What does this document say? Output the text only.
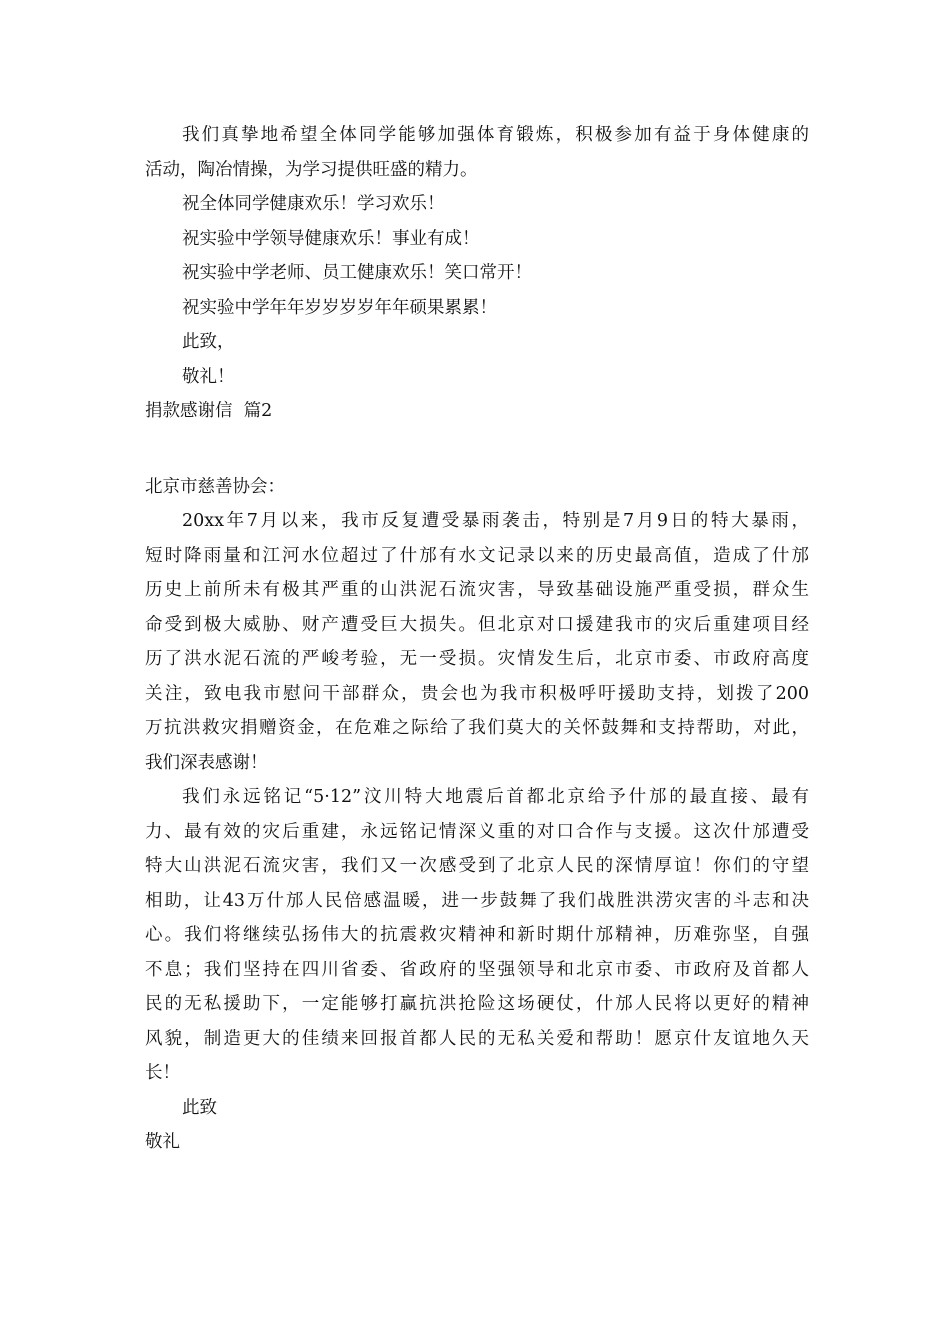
我们真挚地希望全体同学能够加强体育锻炼，积极参加有益于身体健康的
活动，陶冶情操，为学习提供旺盛的精力。
祝全体同学健康欢乐！学习欢乐！
祝实验中学领导健康欢乐！事业有成！
祝实验中学老师、员工健康欢乐！笑口常开！
祝实验中学年年岁岁岁岁年年硕果累累！
此致，
敬礼！
捐款感谢信  篇2
北京市慈善协会：
20xx年7月以来，我市反复遭受暴雨袭击，特别是7月9日的特大暴雨，
短时降雨量和江河水位超过了什邡有水文记录以来的历史最高值，造成了什邡
历史上前所未有极其严重的山洪泥石流灾害，导致基础设施严重受损，群众生
命受到极大威胁、财产遭受巨大损失。但北京对口援建我市的灾后重建项目经
历了洪水泥石流的严峻考验，无一受损。灾情发生后，北京市委、市政府高度
关注，致电我市慰问干部群众，贵会也为我市积极呼吁援助支持，划拨了200
万抗洪救灾捐赠资金，在危难之际给了我们莫大的关怀鼓舞和支持帮助，对此，
我们深表感谢！
我们永远铭记“5·12”汶川特大地震后首都北京给予什邡的最直接、最有
力、最有效的灾后重建，永远铭记情深义重的对口合作与支援。这次什邡遭受
特大山洪泥石流灾害，我们又一次感受到了北京人民的深情厚谊！你们的守望
相助，让43万什邡人民倍感温暖，进一步鼓舞了我们战胜洪涝灾害的斗志和决
心。我们将继续弘扬伟大的抗震救灾精神和新时期什邡精神，历难弥坚，自强
不息；我们坚持在四川省委、省政府的坚强领导和北京市委、市政府及首都人
民的无私援助下，一定能够打赢抗洪抢险这场硬仗，什邡人民将以更好的精神
风貌，制造更大的佳绩来回报首都人民的无私关爱和帮助！愿京什友谊地久天
长！
此致
敬礼
